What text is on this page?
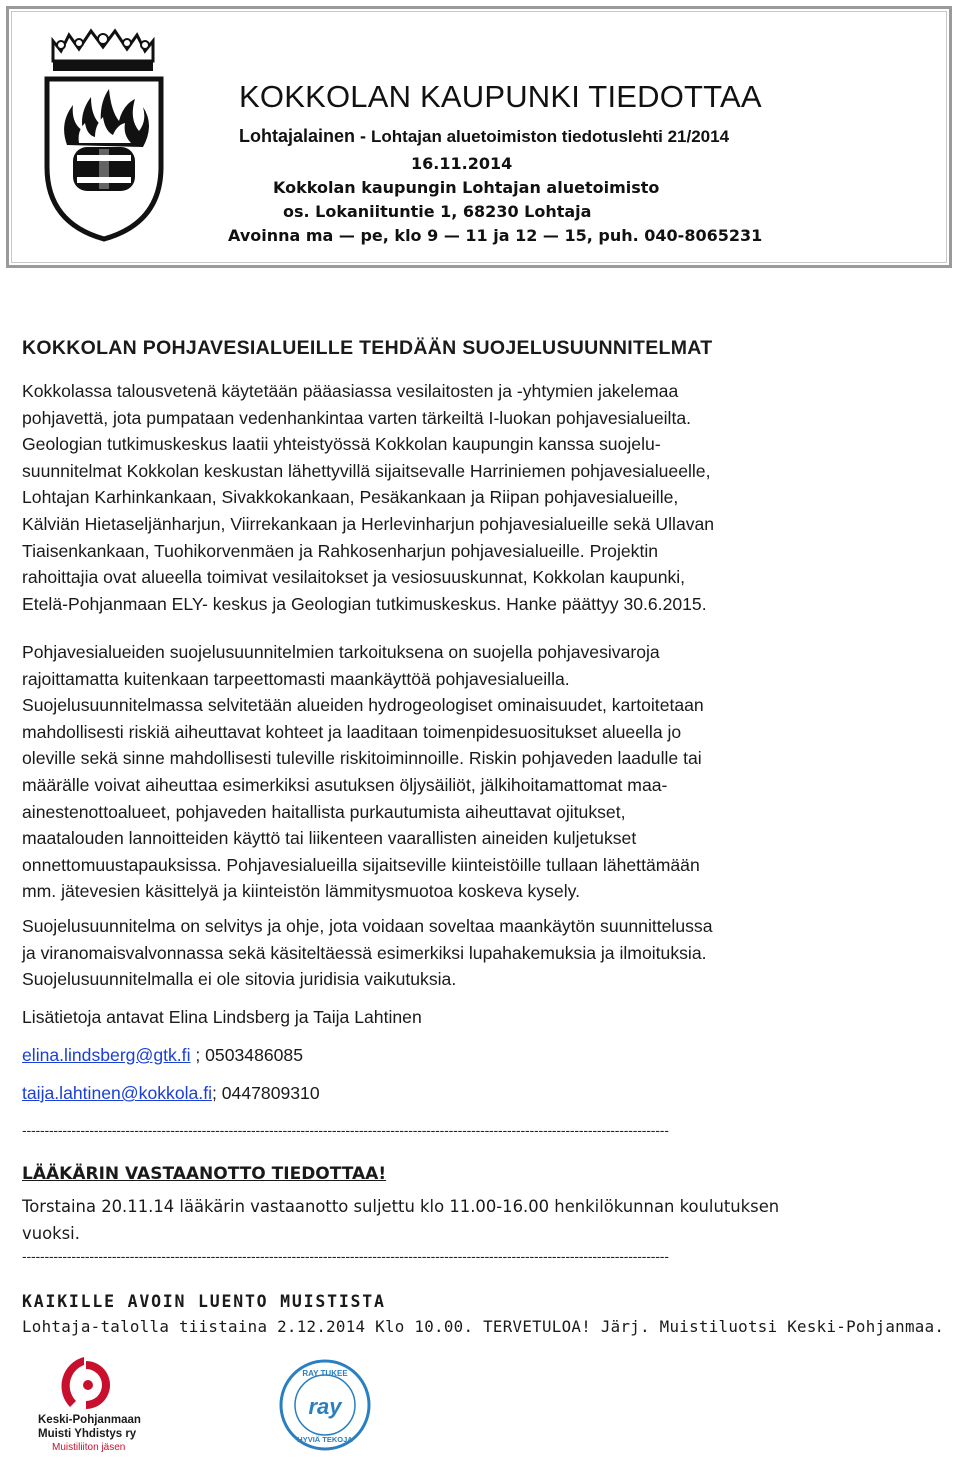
KOKKOLAN KAUPUNKI TIEDOTTAA
Lohtajalainen - Lohtajan aluetoimiston tiedotuslehti 21/2014
16.11.2014
Kokkolan kaupungin Lohtajan aluetoimisto
os. Lokaniituntie 1, 68230 Lohtaja
Avoinna ma — pe, klo 9 — 11 ja 12 — 15, puh. 040-8065231
KOKKOLAN POHJAVESIALUEILLE TEHDÄÄN SUOJELUSUUNNITELMAT
Kokkolassa talousvetenä käytetään pääasiassa vesilaitosten ja -yhtymien jakelemaa
pohjavettä, jota pumpataan vedenhankintaa varten tärkeiltä I-luokan pohjavesialueilta.
Geologian tutkimuskeskus laatii yhteistyössä Kokkolan kaupungin kanssa suojelu-
suunnitelmat Kokkolan keskustan lähettyvillä sijaitsevalle Harriniemen pohjavesialueelle,
Lohtajan Karhinkankaan, Sivakkokankaan, Pesäkankaan ja Riipan pohjavesialueille,
Kälviän Hietaseljänharjun, Viirrekankaan ja Herlevinharjun pohjavesialueille sekä Ullavan
Tiaisenkankaan, Tuohikorvenmäen ja Rahkosenharjun pohjavesialueille. Projektin
rahoittajia ovat alueella toimivat vesilaitokset ja vesiosuuskunnat, Kokkolan kaupunki,
Etelä-Pohjanmaan ELY- keskus ja Geologian tutkimuskeskus. Hanke päättyy 30.6.2015.
Pohjavesialueiden suojelusuunnitelmien tarkoituksena on suojella pohjavesivaroja
rajoittamatta kuitenkaan tarpeettomasti maankäyttöä pohjavesialueilla.
Suojelusuunnitelmassa selvitetään alueiden hydrogeologiset ominaisuudet, kartoitetaan
mahdollisesti riskiä aiheuttavat kohteet ja laaditaan toimenpidesuositukset alueella jo
oleville sekä sinne mahdollisesti tuleville riskitoiminnoille. Riskin pohjaveden laadulle tai
määrälle voivat aiheuttaa esimerkiksi asutuksen öljysäiliöt, jälkihoitamattomat maa-
ainestenottoalueet, pohjaveden haitallista purkautumista aiheuttavat ojitukset,
maatalouden lannoitteiden käyttö tai liikenteen vaarallisten aineiden kuljetukset
onnettomuustapauksissa. Pohjavesialueilla sijaitseville kiinteistöille tullaan lähettämään
mm. jätevesien käsittelyä ja kiinteistön lämmitysmuotoa koskeva kysely.
Suojelusuunnitelma on selvitys ja ohje, jota voidaan soveltaa maankäytön suunnittelussa
ja viranomaisvalvonnassa sekä käsiteltäessä esimerkiksi lupahakemuksia ja ilmoituksia.
Suojelusuunnitelmalla ei ole sitovia juridisia vaikutuksia.
Lisätietoja antavat Elina Lindsberg ja Taija Lahtinen
elina.lindsberg@gtk.fi ; 0503486085
taija.lahtinen@kokkola.fi; 0447809310
------------------------------------------------------------------------------------------------------------------------------------------------
LÄÄKÄRIN VASTAANOTTO TIEDOTTAA!
Torstaina 20.11.14 lääkärin vastaanotto suljettu klo 11.00-16.00 henkilökunnan koulutuksen
vuoksi.
------------------------------------------------------------------------------------------------------------------------------------------------
KAIKILLE AVOIN LUENTO MUISTISTA
Lohtaja-talolla tiistaina 2.12.2014 Klo 10.00. TERVETULOA! Järj. Muistiluotsi Keski-Pohjanmaa.
Keski-Pohjanmaan
Muisti Yhdistys ry
Muistiliiton jäsen
RAY TUKEE
ray
HYVIÄ TEKOJA
